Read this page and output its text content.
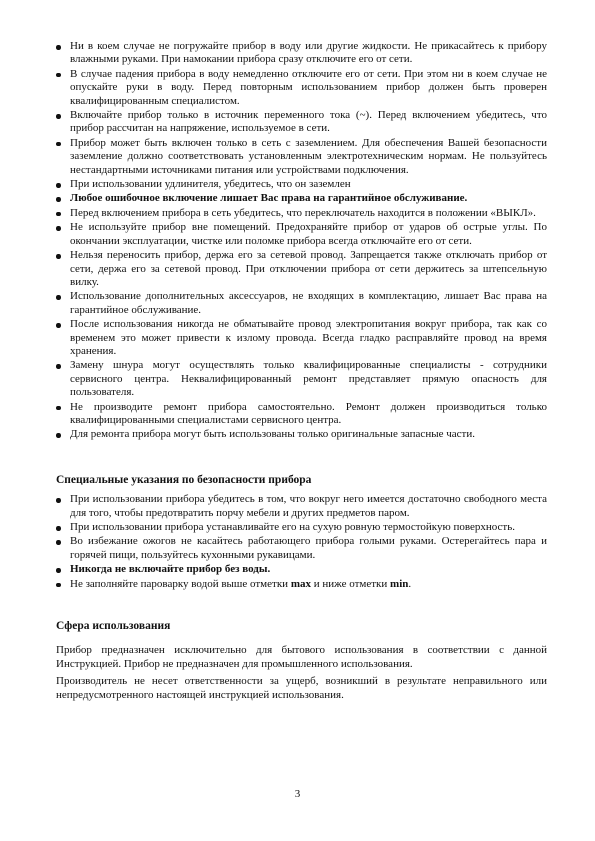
Ни в коем случае не погружайте прибор в воду или другие жидкости. Не прикасайтесь к прибору влажными руками. При намокании прибора сразу отключите его от сети.
В случае падения прибора в воду немедленно отключите его от сети. При этом ни в коем случае не опускайте руки в воду. Перед повторным использованием прибор должен быть проверен квалифицированным специалистом.
Включайте прибор только в источник переменного тока (~). Перед включением убедитесь, что прибор рассчитан на напряжение, используемое в сети.
Прибор может быть включен только в сеть с заземлением. Для обеспечения Вашей безопасности заземление должно соответствовать установленным электротехническим нормам. Не пользуйтесь нестандартными источниками питания или устройствами подключения.
При использовании удлинителя, убедитесь, что он заземлен
Любое ошибочное включение лишает Вас права на гарантийное обслуживание.
Перед включением прибора в сеть убедитесь, что переключатель находится в положении «ВЫКЛ».
Не используйте прибор вне помещений. Предохраняйте прибор от ударов об острые углы. По окончании эксплуатации, чистке или поломке прибора всегда отключайте его от сети.
Нельзя переносить прибор, держа его за сетевой провод. Запрещается также отключать прибор от сети, держа его за сетевой провод. При отключении прибора от сети держитесь за штепсельную вилку.
Использование дополнительных аксессуаров, не входящих в комплектацию, лишает Вас права на гарантийное обслуживание.
После использования никогда не обматывайте провод электропитания вокруг прибора, так как со временем это может привести к излому провода. Всегда гладко расправляйте провод на время хранения.
Замену шнура могут осуществлять только квалифицированные специалисты - сотрудники сервисного центра. Неквалифицированный ремонт представляет прямую опасность для пользователя.
Не производите ремонт прибора самостоятельно. Ремонт должен производиться только квалифицированными специалистами сервисного центра.
Для ремонта прибора могут быть использованы только оригинальные запасные части.
Специальные указания по безопасности прибора
При использовании прибора убедитесь в том, что вокруг него имеется достаточно свободного места для того, чтобы предотвратить порчу мебели и других предметов паром.
При использовании прибора устанавливайте его на сухую ровную термостойкую поверхность.
Во избежание ожогов не касайтесь работающего прибора голыми руками. Остерегайтесь пара и горячей пищи, пользуйтесь кухонными рукавицами.
Никогда не включайте прибор без воды.
Не заполняйте пароварку водой выше отметки max и ниже отметки min.
Сфера использования

Прибор предназначен исключительно для бытового использования в соответствии с данной Инструкцией. Прибор не предназначен для промышленного использования.

Производитель не несет ответственности за ущерб, возникший в результате неправильного или непредусмотренного настоящей инструкцией использования.

3
